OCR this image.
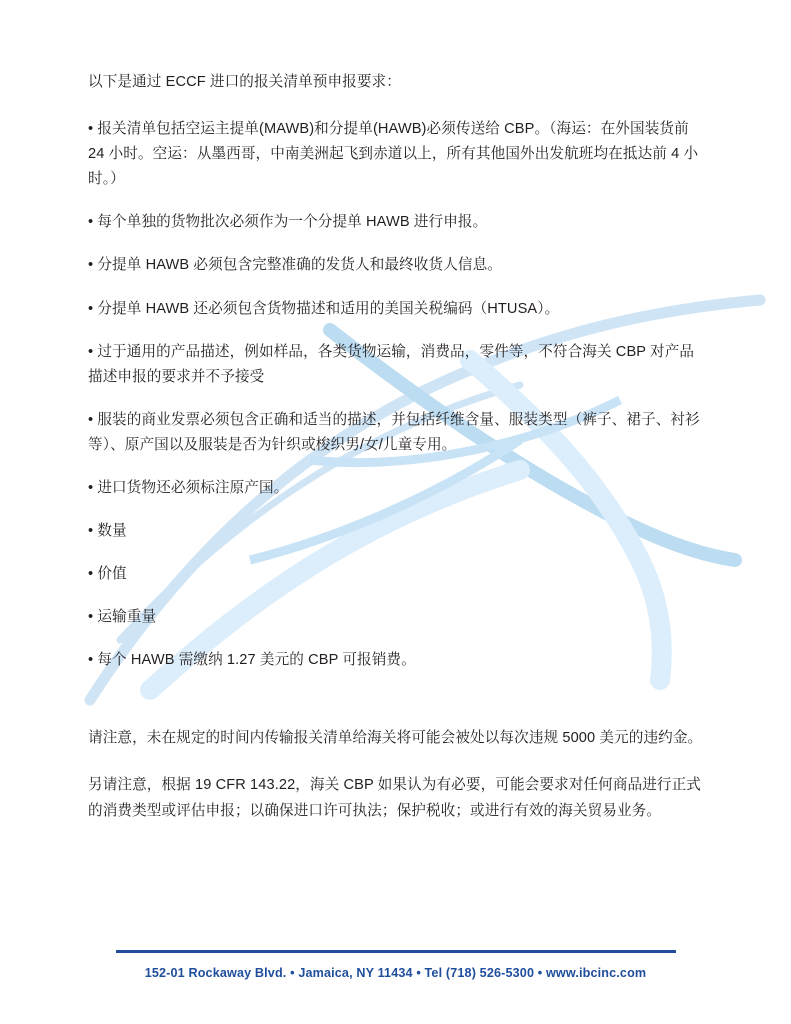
以下是通过 ECCF 进口的报关清单预申报要求：

• 报关清单包括空运主提单(MAWB)和分提单(HAWB)必须传送给 CBP。（海运：在外国装货前 24 小时。空运：从墨西哥，中南美洲起飞到赤道以上，所有其他国外出发航班均在抵达前 4 小时。）

• 每个单独的货物批次必须作为一个分提单 HAWB 进行申报。

• 分提单 HAWB 必须包含完整准确的发货人和最终收货人信息。

• 分提单 HAWB 还必须包含货物描述和适用的美国关税编码（HTUSA）。

• 过于通用的产品描述，例如样品，各类货物运输，消费品，零件等，不符合海关 CBP 对产品描述申报的要求并不予接受

• 服装的商业发票必须包含正确和适当的描述，并包括纤维含量、服装类型（裤子、裙子、衬衫等）、原产国以及服装是否为针织或梭织男/女/儿童专用。

• 进口货物还必须标注原产国。

• 数量

• 价值

• 运输重量

• 每个 HAWB 需缴纳 1.27 美元的 CBP 可报销费。

请注意，未在规定的时间内传输报关清单给海关将可能会被处以每次违规 5000 美元的违约金。

另请注意，根据 19 CFR 143.22，海关 CBP 如果认为有必要，可能会要求对任何商品进行正式的消费类型或评估申报；以确保进口许可执法；保护税收；或进行有效的海关贸易业务。

152-01 Rockaway Blvd. • Jamaica, NY 11434 • Tel (718) 526-5300 • www.ibcinc.com
